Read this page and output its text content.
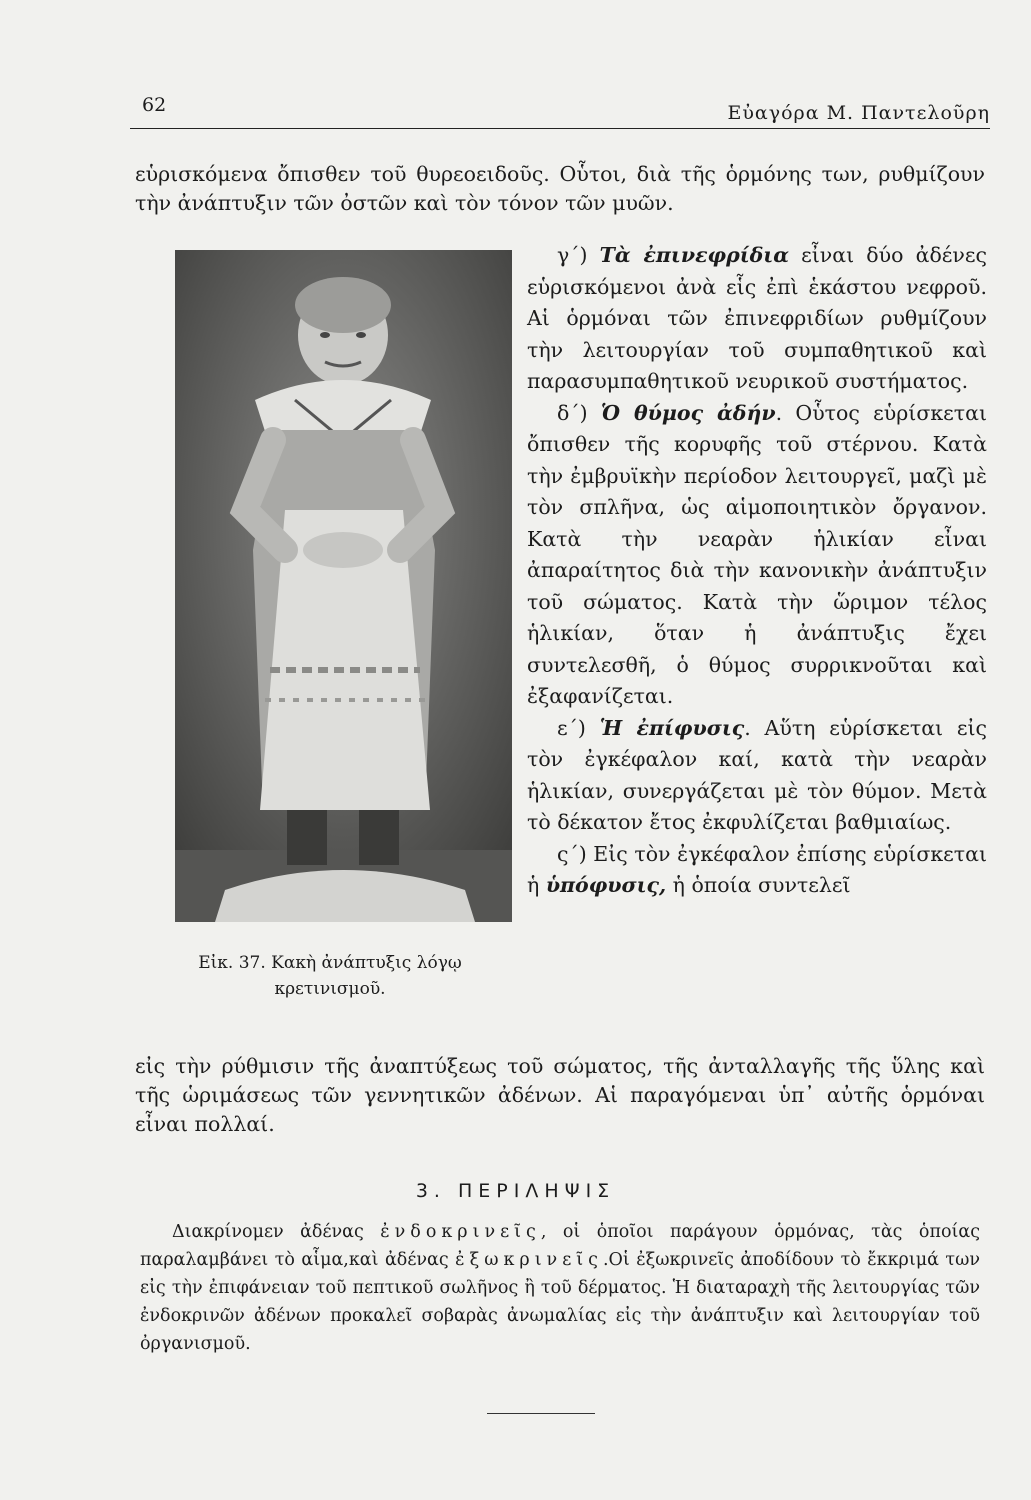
62	Εὐαγόρα Μ. Παντελοῦρη

εὑρισκόμενα ὄπισθεν τοῦ θυρεοειδοῦς. Οὗτοι, διὰ τῆς ὁρμόνης των, ρυθμίζουν τὴν ἀνάπτυξιν τῶν ὀστῶν καὶ τὸν τόνον τῶν μυῶν.

Εἰκ. 37. Κακὴ ἀνάπτυξις λόγῳ
κρετινισμοῦ.

γ΄) Τὰ ἐπινεφρίδια εἶναι δύο ἀδένες εὑρισκόμενοι ἀνὰ εἷς ἐπὶ ἑκάστου νεφροῦ. Αἱ ὁρμόναι τῶν ἐπινεφριδίων ρυθμίζουν τὴν λειτουργίαν τοῦ συμπαθητικοῦ καὶ παρασυμπαθητικοῦ νευρικοῦ συστήματος.

δ΄) Ὁ θύμος ἀδήν. Οὗτος εὑρίσκεται ὄπισθεν τῆς κορυφῆς τοῦ στέρνου. Κατὰ τὴν ἐμβρυϊκὴν περίοδον λειτουργεῖ, μαζὶ μὲ τὸν σπλῆνα, ὡς αἱμοποιητικὸν ὄργανον. Κατὰ τὴν νεαρὰν ἡλικίαν εἶναι ἀπαραίτητος διὰ τὴν κανονικὴν ἀνάπτυξιν τοῦ σώματος. Κατὰ τὴν ὥριμον τέλος ἡλικίαν, ὅταν ἡ ἀνάπτυξις ἔχει συντελεσθῆ, ὁ θύμος συρρικνοῦται καὶ ἐξαφανίζεται.

ε΄) Ἡ ἐπίφυσις. Αὕτη εὑρίσκεται εἰς τὸν ἐγκέφαλον καί, κατὰ τὴν νεαρὰν ἡλικίαν, συνεργάζεται μὲ τὸν θύμον. Μετὰ τὸ δέκατον ἔτος ἐκφυλίζεται βαθμιαίως.

ς΄) Εἰς τὸν ἐγκέφαλον ἐπίσης εὑρίσκεται ἡ ὑπόφυσις, ἡ ὁποία συντελεῖ

εἰς τὴν ρύθμισιν τῆς ἀναπτύξεως τοῦ σώματος, τῆς ἀνταλλαγῆς τῆς ὕλης καὶ τῆς ὡριμάσεως τῶν γεννητικῶν ἀδένων. Αἱ παραγόμεναι ὑπ᾽ αὐτῆς ὁρμόναι εἶναι πολλαί.

3. ΠΕΡΙΛΗΨΙΣ

Διακρίνομεν ἀδένας ἐνδοκρινεῖς, οἱ ὁποῖοι παράγουν ὁρμόνας, τὰς ὁποίας παραλαμβάνει τὸ αἷμα,καὶ ἀδένας ἐξωκρινεῖς.Οἱ ἐξωκρινεῖς ἀποδίδουν τὸ ἔκκριμά των εἰς τὴν ἐπιφάνειαν τοῦ πεπτικοῦ σωλῆνος ἢ τοῦ δέρματος. Ἡ διαταραχὴ τῆς λειτουργίας τῶν ἐνδοκρινῶν ἀδένων προκαλεῖ σοβαρὰς ἀνωμαλίας εἰς τὴν ἀνάπτυξιν καὶ λειτουργίαν τοῦ ὀργανισμοῦ.
